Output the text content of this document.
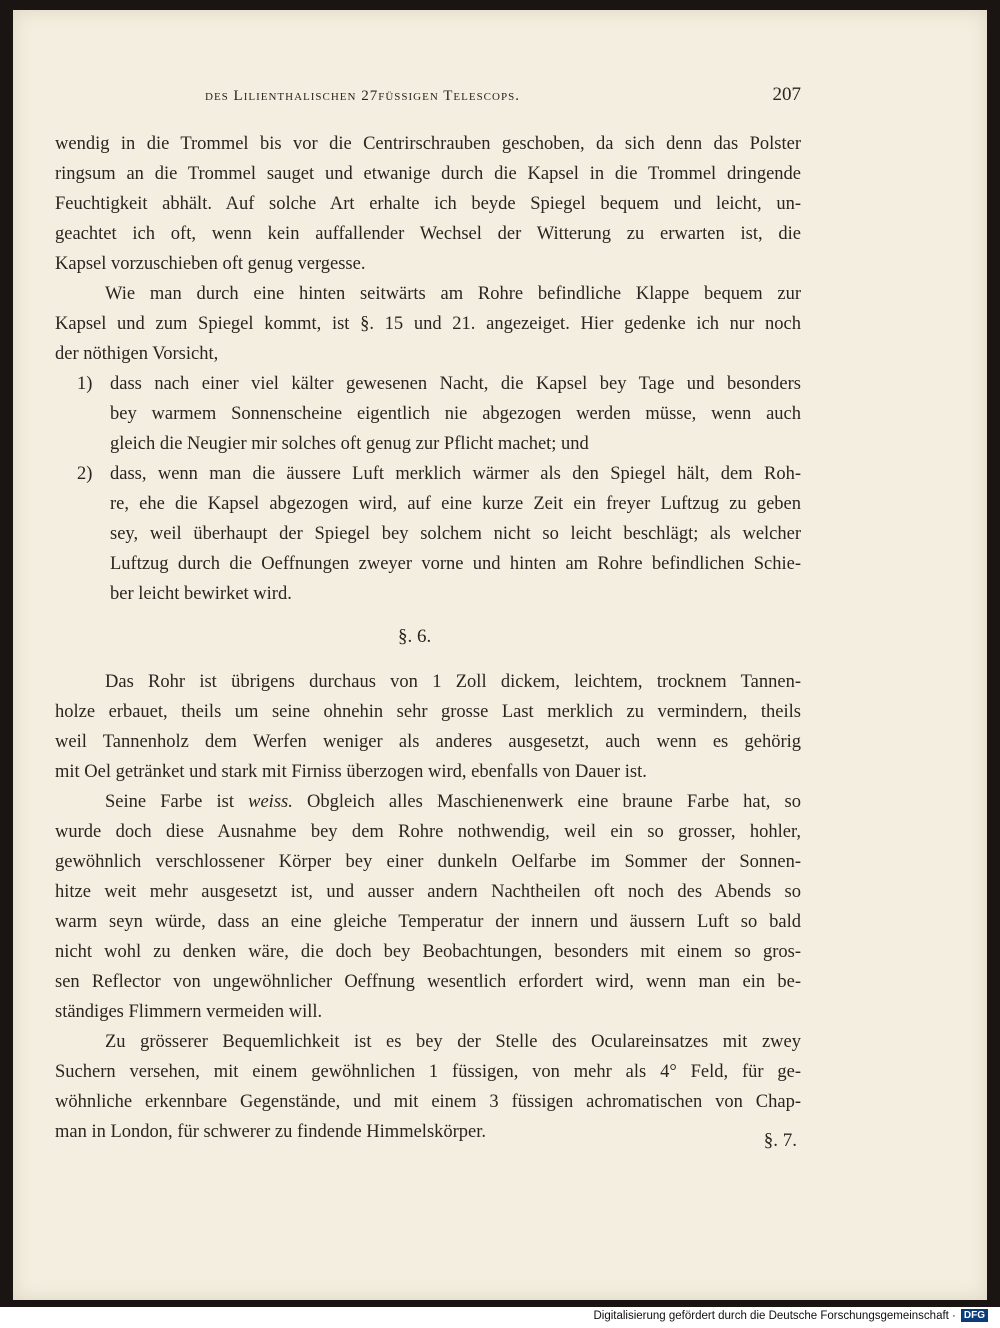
des Lilienthalischen 27füssigen Telescops.	207
wendig in die Trommel bis vor die Centrirschrauben geschoben, da sich denn das Polster
ringsum an die Trommel sauget und etwanige durch die Kapsel in die Trommel dringende
Feuchtigkeit abhält. Auf solche Art erhalte ich beyde Spiegel bequem und leicht, un-
geachtet ich oft, wenn kein auffallender Wechsel der Witterung zu erwarten ist, die
Kapsel vorzuschieben oft genug vergesse.
Wie man durch eine hinten seitwärts am Rohre befindliche Klappe bequem zur
Kapsel und zum Spiegel kommt, ist §. 15 und 21. angezeiget. Hier gedenke ich nur noch
der nöthigen Vorsicht,
1) dass nach einer viel kälter gewesenen Nacht, die Kapsel bey Tage und besonders
bey warmem Sonnenscheine eigentlich nie abgezogen werden müsse, wenn auch
gleich die Neugier mir solches oft genug zur Pflicht machet; und
2) dass, wenn man die äussere Luft merklich wärmer als den Spiegel hält, dem Roh-
re, ehe die Kapsel abgezogen wird, auf eine kurze Zeit ein freyer Luftzug zu geben
sey, weil überhaupt der Spiegel bey solchem nicht so leicht beschlägt; als welcher
Luftzug durch die Oeffnungen zweyer vorne und hinten am Rohre befindlichen Schie-
ber leicht bewirket wird.
§. 6.
Das Rohr ist übrigens durchaus von 1 Zoll dickem, leichtem, trocknem Tannen-
holze erbauet, theils um seine ohnehin sehr grosse Last merklich zu vermindern, theils
weil Tannenholz dem Werfen weniger als anderes ausgesetzt, auch wenn es gehörig
mit Oel getränket und stark mit Firniss überzogen wird, ebenfalls von Dauer ist.
Seine Farbe ist weiss. Obgleich alles Maschienenwerk eine braune Farbe hat, so
wurde doch diese Ausnahme bey dem Rohre nothwendig, weil ein so grosser, hohler,
gewöhnlich verschlossener Körper bey einer dunkeln Oelfarbe im Sommer der Sonnen-
hitze weit mehr ausgesetzt ist, und ausser andern Nachtheilen oft noch des Abends so
warm seyn würde, dass an eine gleiche Temperatur der innern und äussern Luft so bald
nicht wohl zu denken wäre, die doch bey Beobachtungen, besonders mit einem so gros-
sen Reflector von ungewöhnlicher Oeffnung wesentlich erfordert wird, wenn man ein be-
ständiges Flimmern vermeiden will.
Zu grösserer Bequemlichkeit ist es bey der Stelle des Oculareinsatzes mit zwey
Suchern versehen, mit einem gewöhnlichen 1 füssigen, von mehr als 4° Feld, für ge-
wöhnliche erkennbare Gegenstände, und mit einem 3 füssigen achromatischen von Chap-
man in London, für schwerer zu findende Himmelskörper.	§. 7.
Digitalisierung gefördert durch die Deutsche Forschungsgemeinschaft · DFG
